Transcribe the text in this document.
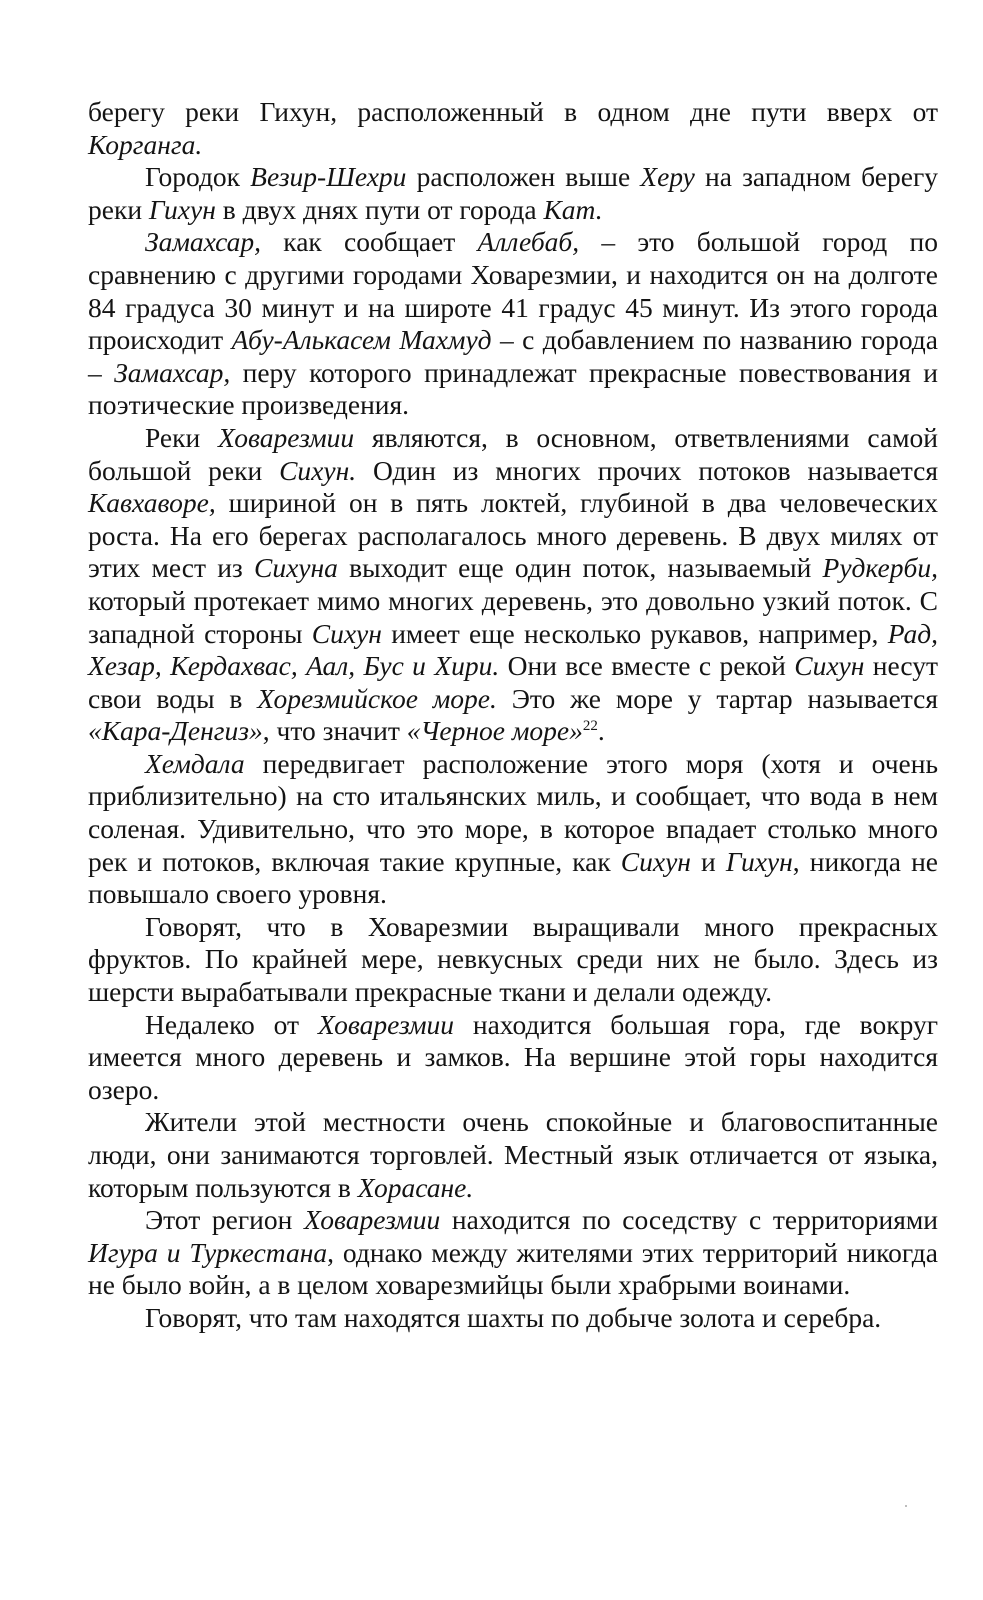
берегу реки Гихун, расположенный в одном дне пути вверх от Корганга.

Городок Везир-Шехри расположен выше Херу на западном берегу реки Гихун в двух днях пути от города Кат.

Замахсар, как сообщает Аллебаб, – это большой город по сравнению с другими городами Ховарезмии, и находится он на долготе 84 градуса 30 минут и на широте 41 градус 45 минут. Из этого города происходит Абу-Алькасем Махмуд – с добавлением по названию города – Замахсар, перу которого принадлежат прекрасные повествования и поэтические произведения.

Реки Ховарезмии являются, в основном, ответвлениями самой большой реки Сихун. Один из многих прочих потоков называется Кавхаворе, шириной он в пять локтей, глубиной в два человеческих роста. На его берегах располагалось много деревень. В двух милях от этих мест из Сихуна выходит еще один поток, называемый Рудкерби, который протекает мимо многих деревень, это довольно узкий поток. С западной стороны Сихун имеет еще несколько рукавов, например, Рад, Хезар, Кердахвас, Аал, Бус и Хири. Они все вместе с рекой Сихун несут свои воды в Хорезмийское море. Это же море у тартар называется «Кара-Денгиз», что значит «Черное море»$^{22}$.

Хемдала передвигает расположение этого моря (хотя и очень приблизительно) на сто итальянских миль, и сообщает, что вода в нем соленая. Удивительно, что это море, в которое впадает столько много рек и потоков, включая такие крупные, как Сихун и Гихун, никогда не повышало своего уровня.

Говорят, что в Ховарезмии выращивали много прекрасных фруктов. По крайней мере, невкусных среди них не было. Здесь из шерсти вырабатывали прекрасные ткани и делали одежду.

Недалеко от Ховарезмии находится большая гора, где вокруг имеется много деревень и замков. На вершине этой горы находится озеро.

Жители этой местности очень спокойные и благовоспитанные люди, они занимаются торговлей. Местный язык отличается от языка, которым пользуются в Хорасане.

Этот регион Ховарезмии находится по соседству с территориями Игура и Туркестана, однако между жителями этих территорий никогда не было войн, а в целом ховарезмийцы были храбрыми воинами.

Говорят, что там находятся шахты по добыче золота и серебра.
